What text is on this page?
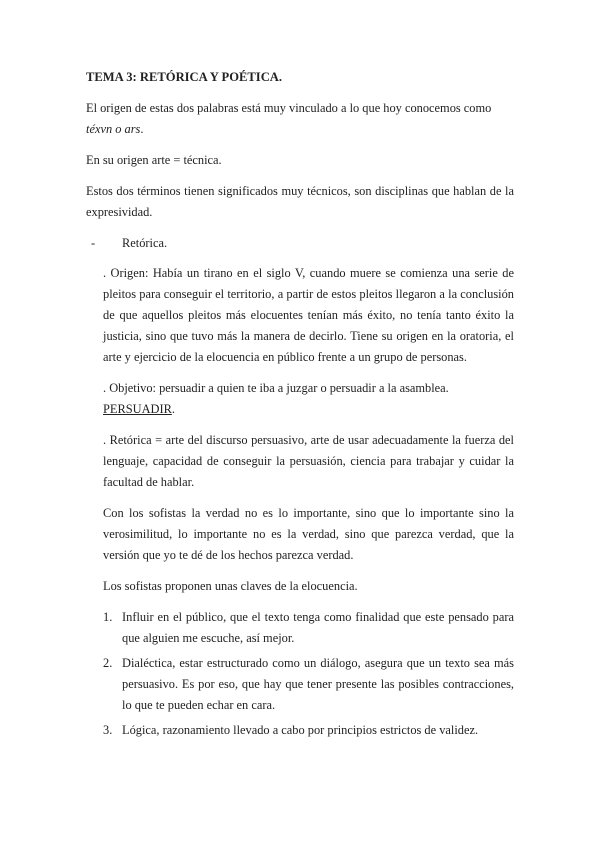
TEMA 3: RETÓRICA Y POÉTICA.

El origen de estas dos palabras está muy vinculado a lo que hoy conocemos como téxvn o ars.

En su origen arte = técnica.

Estos dos términos tienen significados muy técnicos, son disciplinas que hablan de la expresividad.

- Retórica.

. Origen: Había un tirano en el siglo V, cuando muere se comienza una serie de pleitos para conseguir el territorio, a partir de estos pleitos llegaron a la conclusión de que aquellos pleitos más elocuentes tenían más éxito, no tenía tanto éxito la justicia, sino que tuvo más la manera de decirlo. Tiene su origen en la oratoria, el arte y ejercicio de la elocuencia en público frente a un grupo de personas.

. Objetivo: persuadir a quien te iba a juzgar o persuadir a la asamblea. PERSUADIR.

. Retórica = arte del discurso persuasivo, arte de usar adecuadamente la fuerza del lenguaje, capacidad de conseguir la persuasión, ciencia para trabajar y cuidar la facultad de hablar.

Con los sofistas la verdad no es lo importante, sino que lo importante sino la verosimilitud, lo importante no es la verdad, sino que parezca verdad, que la versión que yo te dé de los hechos parezca verdad.

Los sofistas proponen unas claves de la elocuencia.

1. Influir en el público, que el texto tenga como finalidad que este pensado para que alguien me escuche, así mejor.
2. Dialéctica, estar estructurado como un diálogo, asegura que un texto sea más persuasivo. Es por eso, que hay que tener presente las posibles contracciones, lo que te pueden echar en cara.
3. Lógica, razonamiento llevado a cabo por principios estrictos de validez.
